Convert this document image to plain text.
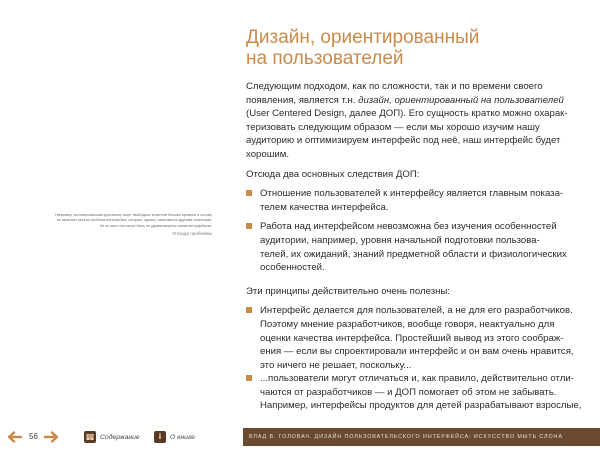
Дизайн, ориентированный
на пользователей
Следующим подходом, как по сложности, так и по времени своего
появления, является т.н. дизайн, ориентированный на пользователей
(User Centered Design, далее ДОП). Его сущность кратко можно охарак-
теризовать следующим образом — если мы хорошо изучим нашу
аудиторию и оптимизируем интерфейс под неё, наш интерфейс будет
хорошим.
Отсюда два основных следствия ДОП:
Отношение пользователей к интерфейсу является главным показа-
телем качества интерфейса.
Работа над интерфейсом невозможна без изучения особенностей
аудитории, например, уровня начальной подготовки пользова-
телей, их ожиданий, знаний предметной области и физиологических
особенностей.
Эти принципы действительно очень полезны:
Интерфейс делается для пользователей, а не для его разработчиков.
Поэтому мнение разработчиков, вообще говоря, неактуально для
оценки качества интерфейса. Простейший вывод из этого соображ-
ения — если вы спроектировали интерфейс и он вам очень нравится,
это ничего не решает, поскольку...
...пользователи могут отличаться и, как правило, действительно отли-
чаются от разработчиков — и ДОП помогает об этом не забывать.
Например, интерфейсы продуктов для детей разрабатывают взрослые,
Например, мотивированный фрилансер ищет свободных клиентов больше времени и потому
не замечает многих проблем интерфейса, которые, однако, замечаются другими клиентами.
Из-за этого они могут быть не удовлетворены таким интерфейсом.
Отсюда проблемы
56	Содержание	i	О книге	ВЛАД В. ГОЛОВАЧ. ДИЗАЙН ПОЛЬЗОВАТЕЛЬСКОГО ИНТЕРФЕЙСА: ИСКУССТВО МЫТЬ СЛОНА
